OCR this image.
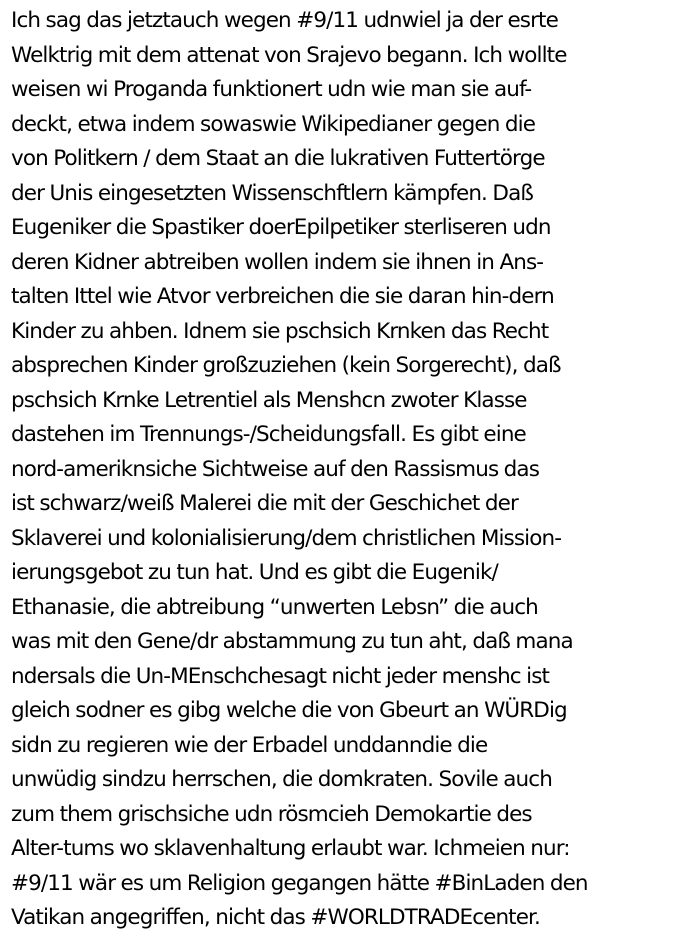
Ich sag das jetztauch wegen #9/11 udnwiel ja der esrte
Welktrig mit dem attenat von Srajevo begann. Ich wollte
weisen wi Proganda funktionert udn wie man sie auf-
deckt, etwa indem sowaswie Wikipedianer gegen die
von Politkern / dem Staat an die lukrativen Futtertörge
der Unis eingesetzten Wissenschftlern kämpfen. Daß
Eugeniker die Spastiker doerEpilpetiker sterliseren udn
deren Kidner abtreiben wollen indem sie ihnen in Ans-
talten Ittel wie Atvor verbreichen die sie daran hin-dern
Kinder zu ahben. Idnem sie pschsich Krnken das Recht
absprechen Kinder großzuziehen (kein Sorgerecht), daß
pschsich Krnke Letrentiel als Menshcn zwoter Klasse
dastehen im Trennungs-/Scheidungsfall. Es gibt eine
nord-ameriknsiche Sichtweise auf den Rassismus das
ist schwarz/weiß Malerei die mit der Geschichet der
Sklaverei und kolonialisierung/dem christlichen Mission-
ierungsgebot zu tun hat. Und es gibt die Eugenik/
Ethanasie, die abtreibung “unwerten Lebsn” die auch
was mit den Gene/dr abstammung zu tun aht, daß mana
ndersals die Un-MEnschchesagt nicht jeder menshc ist
gleich sodner es gibg welche die von Gbeurt an WÜRDig
sidn zu regieren wie der Erbadel unddanndie die
unwüdig sindzu herrschen, die domkraten. Sovile auch
zum them grischsiche udn rösmcieh Demokartie des
Alter-tums wo sklavenhaltung erlaubt war. Ichmeien nur:
#9/11 wär es um Religion gegangen hätte #BinLaden den
Vatikan angegriffen, nicht das #WORLDTRADEcenter.
